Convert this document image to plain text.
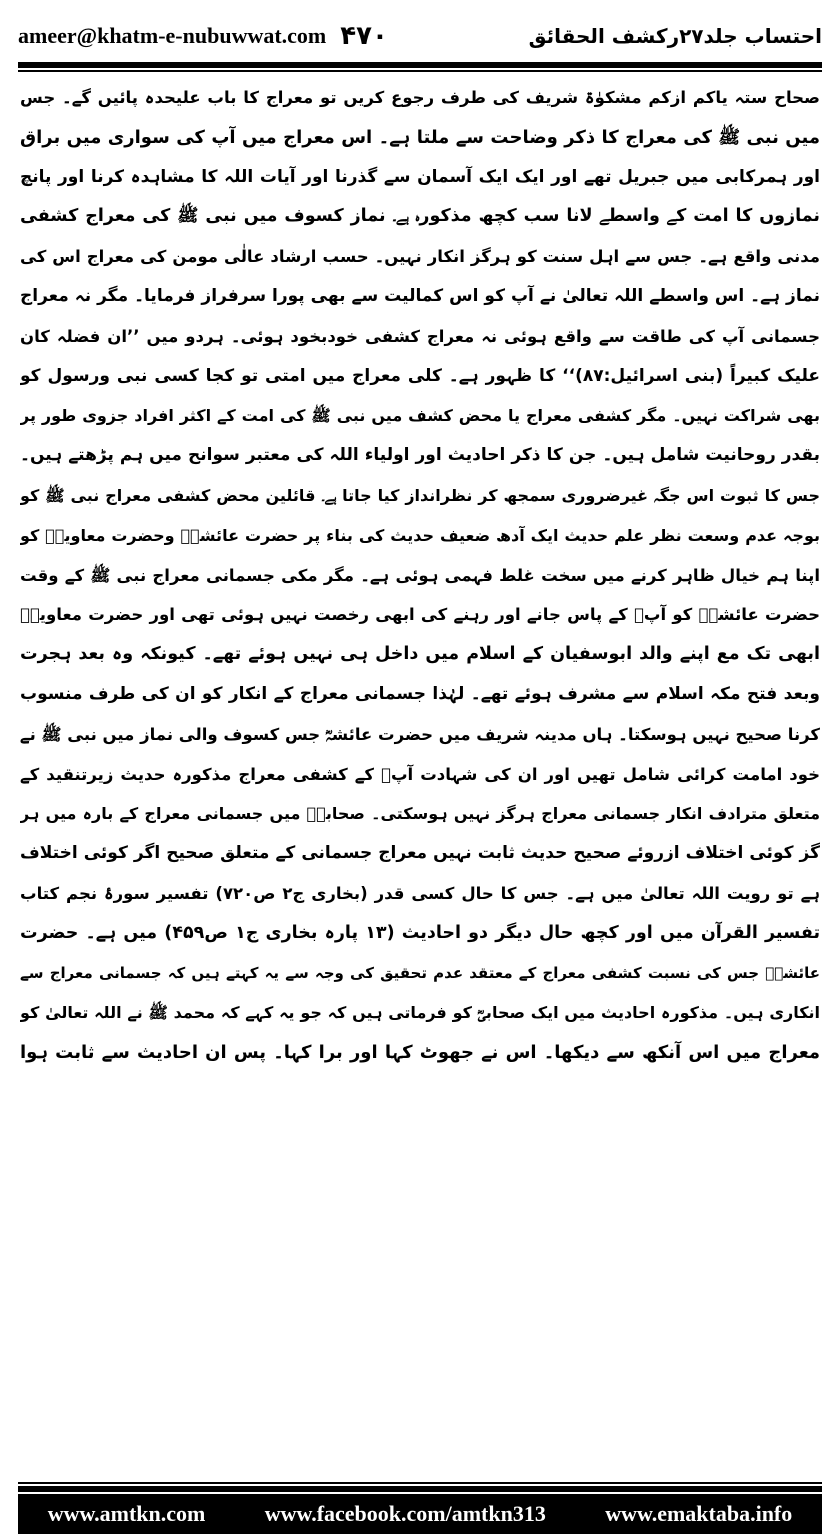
ameer@khatm-e-nubuwwat.com ۴۷۰	احتساب جلد۲۷رکشف الحقائق
صحاح ستہ یاکم ازکم مشکوٰۃ شریف کی طرف رجوع کریں تو معراج کا باب علیحدہ پائیں گے۔ جس
میں نبی ﷺ کی معراج کا ذکر وضاحت سے ملتا ہے۔ اس معراج میں آپ کی سواری میں براق
اور ہمرکابی میں جبریل تھے اور ایک ایک آسمان سے گذرنا اور آیات اللہ کا مشاہدہ کرنا اور پانچ
نمازوں کا امت کے واسطے لانا سب کچھ مذکورہ ہے۔ نماز کسوف میں نبی ﷺ کی معراج کشفی
مدنی واقع ہے۔ جس سے اہل سنت کو ہرگز انکار نہیں۔ حسب ارشاد عالٰی مومن کی معراج اس کی
نماز ہے۔ اس واسطے اللہ تعالیٰ نے آپ کو اس کمالیت سے بھی پورا سرفراز فرمایا۔ مگر نہ معراج
جسمانی آپ کی طاقت سے واقع ہوئی نہ معراج کشفی خودبخود ہوئی۔ ہردو میں ’’ان فضلہ کان
علیک کبیراً (بنی اسرائیل:۸۷)‘‘ کا ظہور ہے۔ کلی معراج میں امتی تو کجا کسی نبی ورسول کو
بھی شراکت نہیں۔ مگر کشفی معراج یا محض کشف میں نبی ﷺ کی امت کے اکثر افراد جزوی طور پر
بقدر روحانیت شامل ہیں۔ جن کا ذکر احادیث اور اولیاء اللہ کی معتبر سوانح میں ہم پڑھتے ہیں۔
جس کا ثبوت اس جگہ غیرضروری سمجھ کر نظرانداز کیا جاتا ہے۔ قائلین محض کشفی معراج نبی ﷺ کو
بوجہ عدم وسعت نظر علم حدیث ایک آدھ ضعیف حدیث کی بناء پر حضرت عائشہؓ وحضرت معاویہؓ کو
اپنا ہم خیال ظاہر کرنے میں سخت غلط فہمی ہوئی ہے۔ مگر مکی جسمانی معراج نبی ﷺ کے وقت
حضرت عائشہؓ کو آپؐ کے پاس جانے اور رہنے کی ابھی رخصت نہیں ہوئی تھی اور حضرت معاویہؓ
ابھی تک مع اپنے والد ابوسفیان کے اسلام میں داخل ہی نہیں ہوئے تھے۔ کیونکہ وہ بعد ہجرت
وبعد فتح مکہ اسلام سے مشرف ہوئے تھے۔ لہٰذا جسمانی معراج کے انکار کو ان کی طرف منسوب
کرنا صحیح نہیں ہوسکتا۔ ہاں مدینہ شریف میں حضرت عائشہؓ جس کسوف والی نماز میں نبی ﷺ نے
خود امامت کرائی شامل تھیں اور ان کی شہادت آپؐ کے کشفی معراج مذکورہ حدیث زیرتنقید کے
متعلق مترادف انکار جسمانی معراج ہرگز نہیں ہوسکتی۔ صحابہؓ میں جسمانی معراج کے بارہ میں ہر
گز کوئی اختلاف ازروئے صحیح حدیث ثابت نہیں معراج جسمانی کے متعلق صحیح اگر کوئی اختلاف
ہے تو رویت اللہ تعالیٰ میں ہے۔ جس کا حال کسی قدر (بخاری ج۲ ص۷۲۰) تفسیر سورۂ نجم کتاب
تفسیر القرآن میں اور کچھ حال دیگر دو احادیث (۱۳ پارہ بخاری ج۱ ص۴۵۹) میں ہے۔ حضرت
عائشہؓ جس کی نسبت کشفی معراج کے معتقد عدم تحقیق کی وجہ سے یہ کہتے ہیں کہ جسمانی معراج سے
انکاری ہیں۔ مذکورہ احادیث میں ایک صحابیؓ کو فرماتی ہیں کہ جو یہ کہے کہ محمد ﷺ نے اللہ تعالیٰ کو
معراج میں اس آنکھ سے دیکھا۔ اس نے جھوٹ کہا اور برا کہا۔ پس ان احادیث سے ثابت ہوا
www.amtkn.com	www.facebook.com/amtkn313	www.emaktaba.info
